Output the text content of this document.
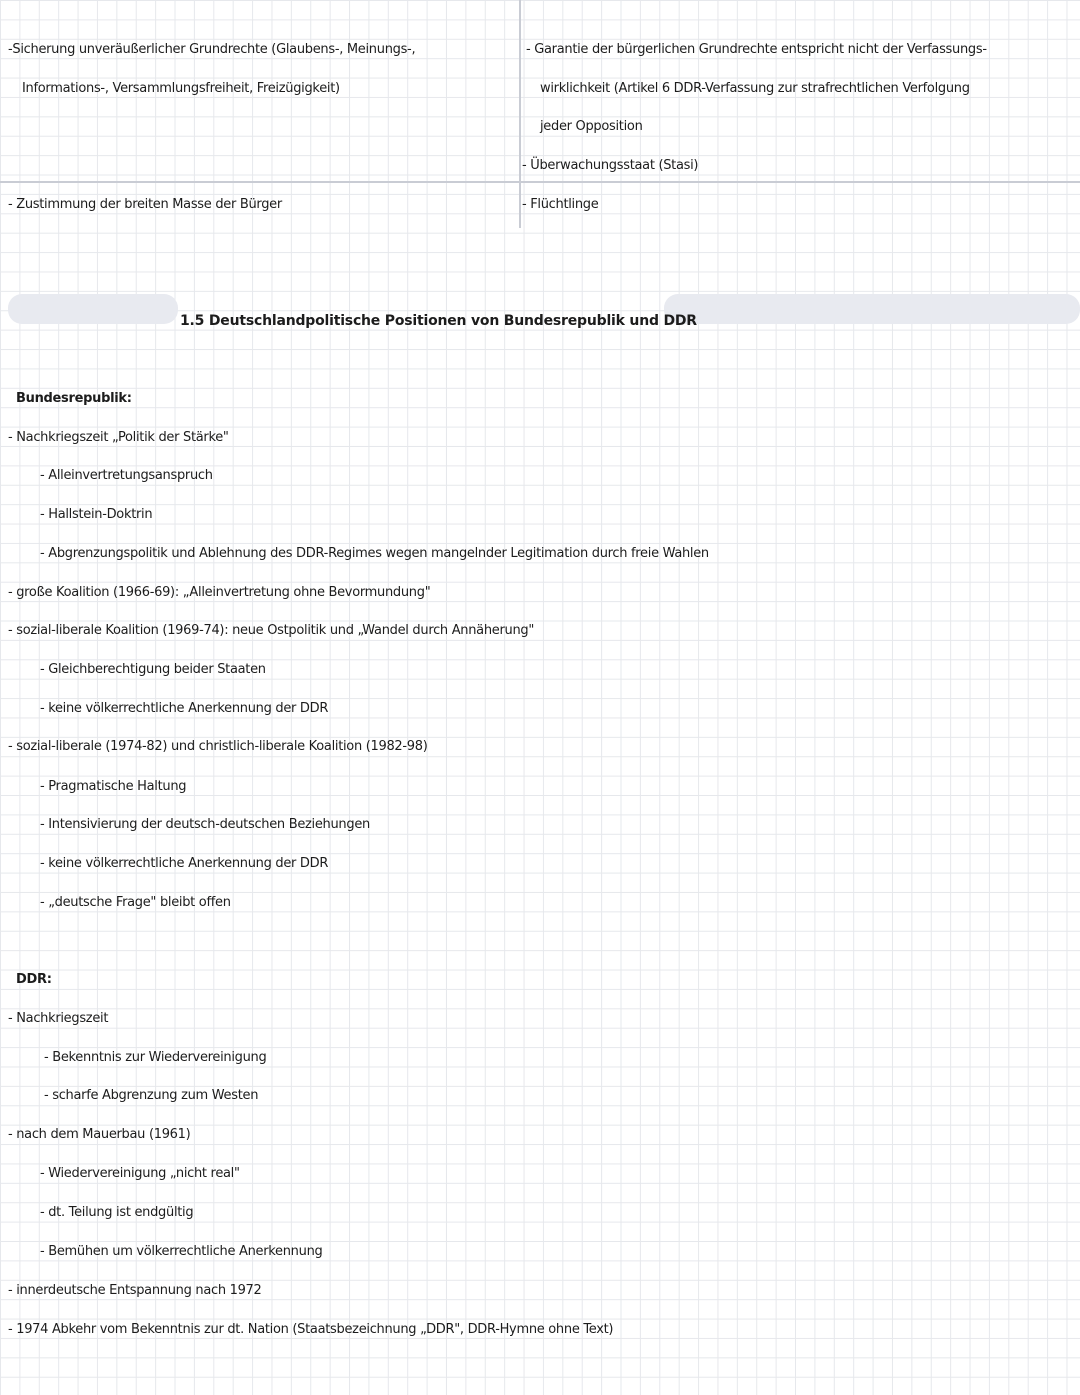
-Sicherung unveräußerlicher Grundrechte (Glaubens-, Meinungs-,
Informations-, Versammlungsfreiheit, Freizügigkeit)
- Zustimmung der breiten Masse der Bürger
- Garantie der bürgerlichen Grundrechte entspricht nicht der Verfassungs-
wirklichkeit (Artikel 6 DDR-Verfassung zur strafrechtlichen Verfolgung
jeder Opposition
- Überwachungsstaat (Stasi)
- Flüchtlinge
1.5 Deutschlandpolitische Positionen von Bundesrepublik und DDR
Bundesrepublik:
- Nachkriegszeit „Politik der Stärke"
- Alleinvertretungsanspruch
- Hallstein-Doktrin
- Abgrenzungspolitik und Ablehnung des DDR-Regimes wegen mangelnder Legitimation durch freie Wahlen
- große Koalition (1966-69): „Alleinvertretung ohne Bevormundung"
- sozial-liberale Koalition (1969-74): neue Ostpolitik und „Wandel durch Annäherung"
- Gleichberechtigung beider Staaten
- keine völkerrechtliche Anerkennung der DDR
- sozial-liberale (1974-82) und christlich-liberale Koalition (1982-98)
- Pragmatische Haltung
- Intensivierung der deutsch-deutschen Beziehungen
- keine völkerrechtliche Anerkennung der DDR
- „deutsche Frage" bleibt offen
DDR:
- Nachkriegszeit
- Bekenntnis zur Wiedervereinigung
- scharfe Abgrenzung zum Westen
- nach dem Mauerbau (1961)
- Wiedervereinigung „nicht real"
- dt. Teilung ist endgültig
- Bemühen um völkerrechtliche Anerkennung
- innerdeutsche Entspannung nach 1972
- 1974 Abkehr vom Bekenntnis zur dt. Nation (Staatsbezeichnung „DDR", DDR-Hymne ohne Text)
